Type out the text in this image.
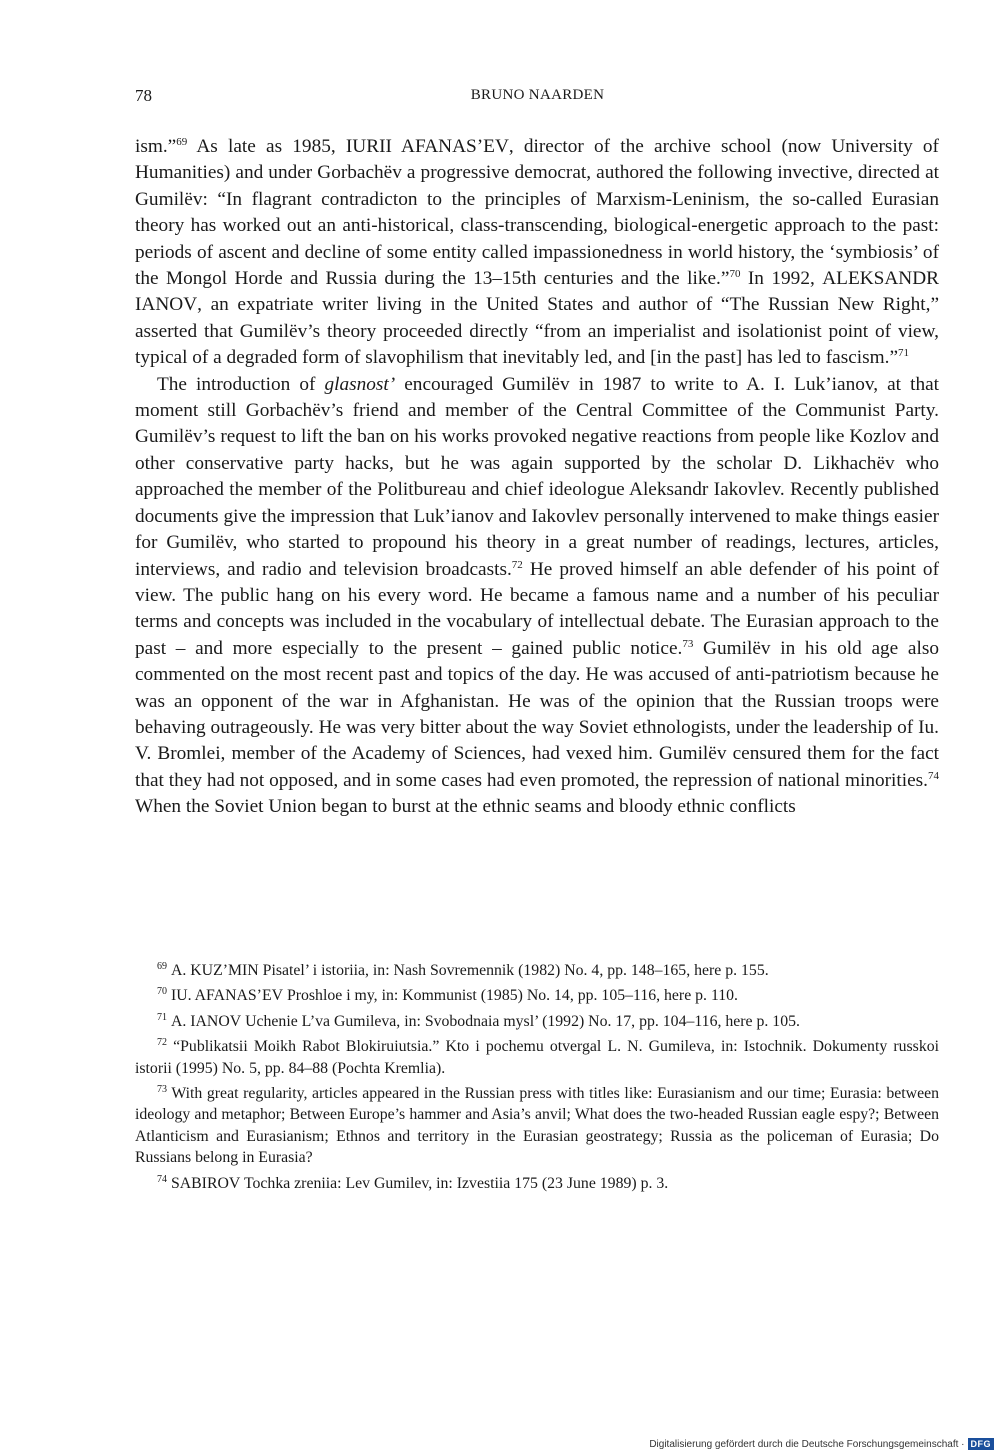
78	BRUNO NAARDEN

ism.”$^{69}$ As late as 1985, IURII AFANAS’EV, director of the archive school (now University of Humanities) and under Gorbachëv a progressive democrat, authored the following invective, directed at Gumilëv: “In flagrant contradicton to the principles of Marxism-Leninism, the so-called Eurasian theory has worked out an anti-historical, class-transcending, biological-energetic approach to the past: periods of ascent and decline of some entity called impassionedness in world history, the ‘symbiosis’ of the Mongol Horde and Russia during the 13–15th centuries and the like.”$^{70}$ In 1992, ALEKSANDR IANOV, an expatriate writer living in the United States and author of “The Russian New Right,” asserted that Gumilëv’s theory proceeded directly “from an imperialist and isolationist point of view, typical of a degraded form of slavophilism that inevitably led, and [in the past] has led to fascism.”$^{71}$

The introduction of glasnost’ encouraged Gumilëv in 1987 to write to A. I. Luk’ianov, at that moment still Gorbachëv’s friend and member of the Central Committee of the Communist Party. Gumilëv’s request to lift the ban on his works provoked negative reactions from people like Kozlov and other conservative party hacks, but he was again supported by the scholar D. Likhachëv who approached the member of the Politbureau and chief ideologue Aleksandr Iakovlev. Recently published documents give the impression that Luk’ianov and Iakovlev personally intervened to make things easier for Gumilëv, who started to propound his theory in a great number of readings, lectures, articles, interviews, and radio and television broadcasts.$^{72}$ He proved himself an able defender of his point of view. The public hang on his every word. He became a famous name and a number of his peculiar terms and concepts was included in the vocabulary of intellectual debate. The Eurasian approach to the past – and more especially to the present – gained public notice.$^{73}$ Gumilëv in his old age also commented on the most recent past and topics of the day. He was accused of anti-patriotism because he was an opponent of the war in Afghanistan. He was of the opinion that the Russian troops were behaving outrageously. He was very bitter about the way Soviet ethnologists, under the leadership of Iu. V. Bromlei, member of the Academy of Sciences, had vexed him. Gumilëv censured them for the fact that they had not opposed, and in some cases had even promoted, the repression of national minorities.$^{74}$ When the Soviet Union began to burst at the ethnic seams and bloody ethnic conflicts

$^{69}$ A. KUZ’MIN Pisatel’ i istoriia, in: Nash Sovremennik (1982) No. 4, pp. 148–165, here p. 155.

$^{70}$ IU. AFANAS’EV Proshloe i my, in: Kommunist (1985) No. 14, pp. 105–116, here p. 110.

$^{71}$ A. IANOV Uchenie L’va Gumileva, in: Svobodnaia mysl’ (1992) No. 17, pp. 104–116, here p. 105.

$^{72}$ “Publikatsii Moikh Rabot Blokiruiutsia.” Kto i pochemu otvergal L. N. Gumileva, in: Istochnik. Dokumenty russkoi istorii (1995) No. 5, pp. 84–88 (Pochta Kremlia).

$^{73}$ With great regularity, articles appeared in the Russian press with titles like: Eurasianism and our time; Eurasia: between ideology and metaphor; Between Europe’s hammer and Asia’s anvil; What does the two-headed Russian eagle espy?; Between Atlanticism and Eurasianism; Ethnos and territory in the Eurasian geostrategy; Russia as the policeman of Eurasia; Do Russians belong in Eurasia?

$^{74}$ SABIROV Tochka zreniia: Lev Gumilev, in: Izvestiia 175 (23 June 1989) p. 3.

Digitalisierung gefördert durch die Deutsche Forschungsgemeinschaft · DFG
